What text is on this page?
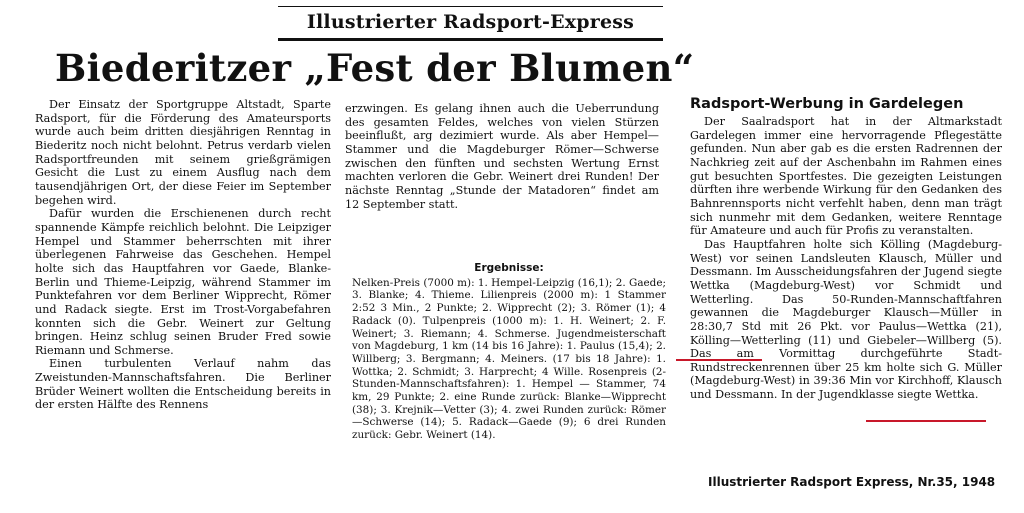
Illustrierter Radsport-Express
Biederitzer „Fest der Blumen“

Der Einsatz der Sportgruppe Altstadt, Sparte Radsport, für die Förderung des Amateursports wurde auch beim dritten diesjährigen Renntag in Biederitz noch nicht belohnt. Petrus verdarb vielen Radsportfreunden mit seinem grießgrämigen Gesicht die Lust zu einem Ausflug nach dem tausendjährigen Ort, der diese Feier im September begehen wird.

Dafür wurden die Erschienenen durch recht spannende Kämpfe reichlich belohnt. Die Leipziger Hempel und Stammer beherrschten mit ihrer überlegenen Fahrweise das Geschehen. Hempel holte sich das Hauptfahren vor Gaede, Blanke-Berlin und Thieme-Leipzig, während Stammer im Punktefahren vor dem Berliner Wipprecht, Römer und Radack siegte. Erst im Trost-Vorgabefahren konnten sich die Gebr. Weinert zur Geltung bringen. Heinz schlug seinen Bruder Fred sowie Riemann und Schmerse.

Einen turbulenten Verlauf nahm das Zweistunden-Mannschaftsfahren. Die Berliner Brüder Weinert wollten die Entscheidung bereits in der ersten Hälfte des Rennens

erzwingen. Es gelang ihnen auch die Ueberrundung des gesamten Feldes, welches von vielen Stürzen beeinflußt, arg dezimiert wurde. Als aber Hempel—Stammer und die Magdeburger Römer—Schwerse zwischen den fünften und sechsten Wertung Ernst machten verloren die Gebr. Weinert drei Runden! Der nächste Renntag „Stunde der Matadoren“ findet am 12 September statt.

Ergebnisse:
Nelken-Preis (7000 m): 1. Hempel-Leipzig (16,1); 2. Gaede; 3. Blanke; 4. Thieme. Lilienpreis (2000 m): 1 Stammer 2:52 3 Min., 2 Punkte; 2. Wipprecht (2); 3. Römer (1); 4 Radack (0). Tulpenpreis (1000 m): 1. H. Weinert; 2. F. Weinert; 3. Riemann; 4. Schmerse. Jugendmeisterschaft von Magdeburg, 1 km (14 bis 16 Jahre): 1. Paulus (15,4); 2. Willberg; 3. Bergmann; 4. Meiners. (17 bis 18 Jahre): 1. Wottka; 2. Schmidt; 3. Harprecht; 4 Wille. Rosenpreis (2-Stunden-Mannschaftsfahren): 1. Hempel — Stammer, 74 km, 29 Punkte; 2. eine Runde zurück: Blanke—Wipprecht (38); 3. Krejnik—Vetter (3); 4. zwei Runden zurück: Römer—Schwerse (14); 5. Radack—Gaede (9); 6 drei Runden zurück: Gebr. Weinert (14).
Radsport-Werbung in Gardelegen

Der Saalradsport hat in der Altmarkstadt Gardelegen immer eine hervorragende Pflegestätte gefunden. Nun aber gab es die ersten Radrennen der Nachkrieg zeit auf der Aschenbahn im Rahmen eines gut besuchten Sportfestes. Die gezeigten Leistungen dürften ihre werbende Wirkung für den Gedanken des Bahnrennsports nicht verfehlt haben, denn man trägt sich nunmehr mit dem Gedanken, weitere Renntage für Amateure und auch für Profis zu veranstalten.

Das Hauptfahren holte sich Kölling (Magdeburg-West) vor seinen Landsleuten Klausch, Müller und Dessmann. Im Ausscheidungsfahren der Jugend siegte Wettka (Magdeburg-West) vor Schmidt und Wetterling. Das 50-Runden-Mannschaftfahren gewannen die Magdeburger Klausch—Müller in 28:30,7 Std mit 26 Pkt. vor Paulus—Wettka (21), Kölling—Wetterling (11) und Giebeler—Willberg (5). Das am Vormittag durchgeführte Stadt-Rundstreckenrennen über 25 km holte sich G. Müller (Magdeburg-West) in 39:36 Min vor Kirchhoff, Klausch und Dessmann. In der Jugendklasse siegte Wettka.

Illustrierter Radsport Express, Nr.35, 1948
